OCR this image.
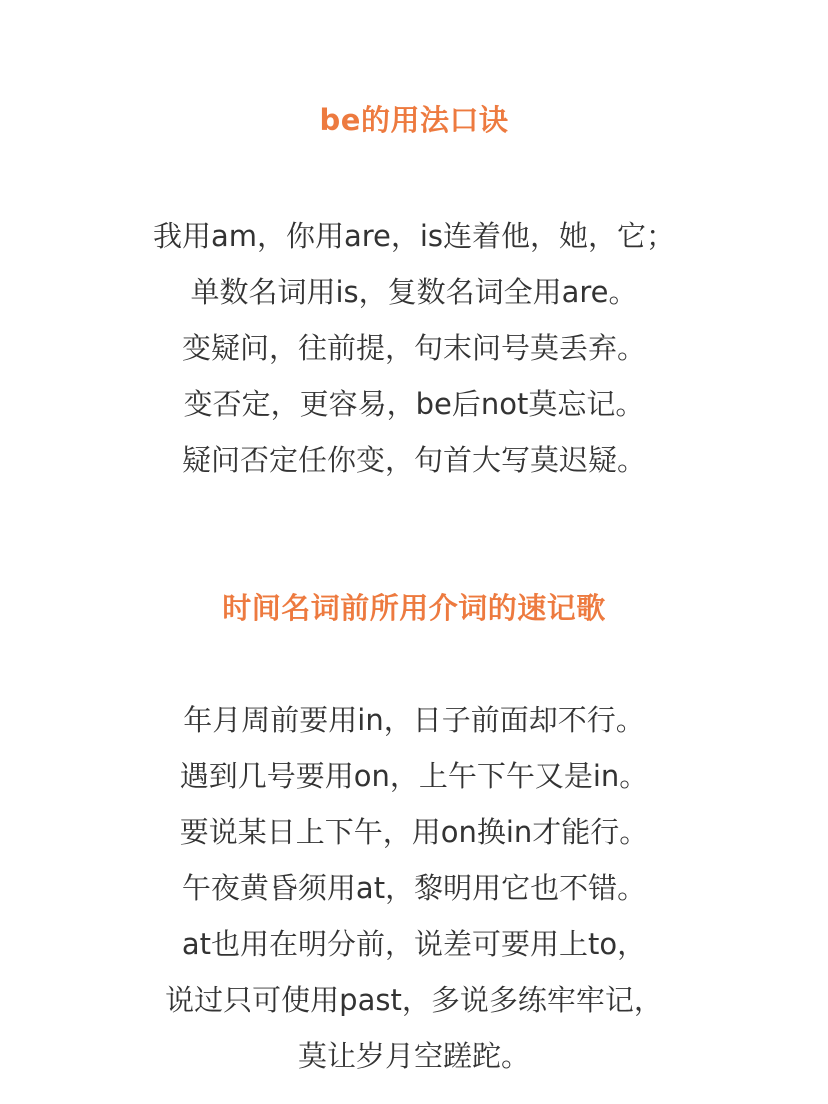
be的用法口诀
我用am，你用are，is连着他，她，它；
单数名词用is，复数名词全用are。
变疑问，往前提，句末问号莫丢弃。
变否定，更容易，be后not莫忘记。
疑问否定任你变，句首大写莫迟疑。
时间名词前所用介词的速记歌
年月周前要用in，日子前面却不行。
遇到几号要用on，上午下午又是in。
要说某日上下午，用on换in才能行。
午夜黄昏须用at，黎明用它也不错。
at也用在明分前，说差可要用上to，
说过只可使用past，多说多练牢牢记，
莫让岁月空蹉跎。
